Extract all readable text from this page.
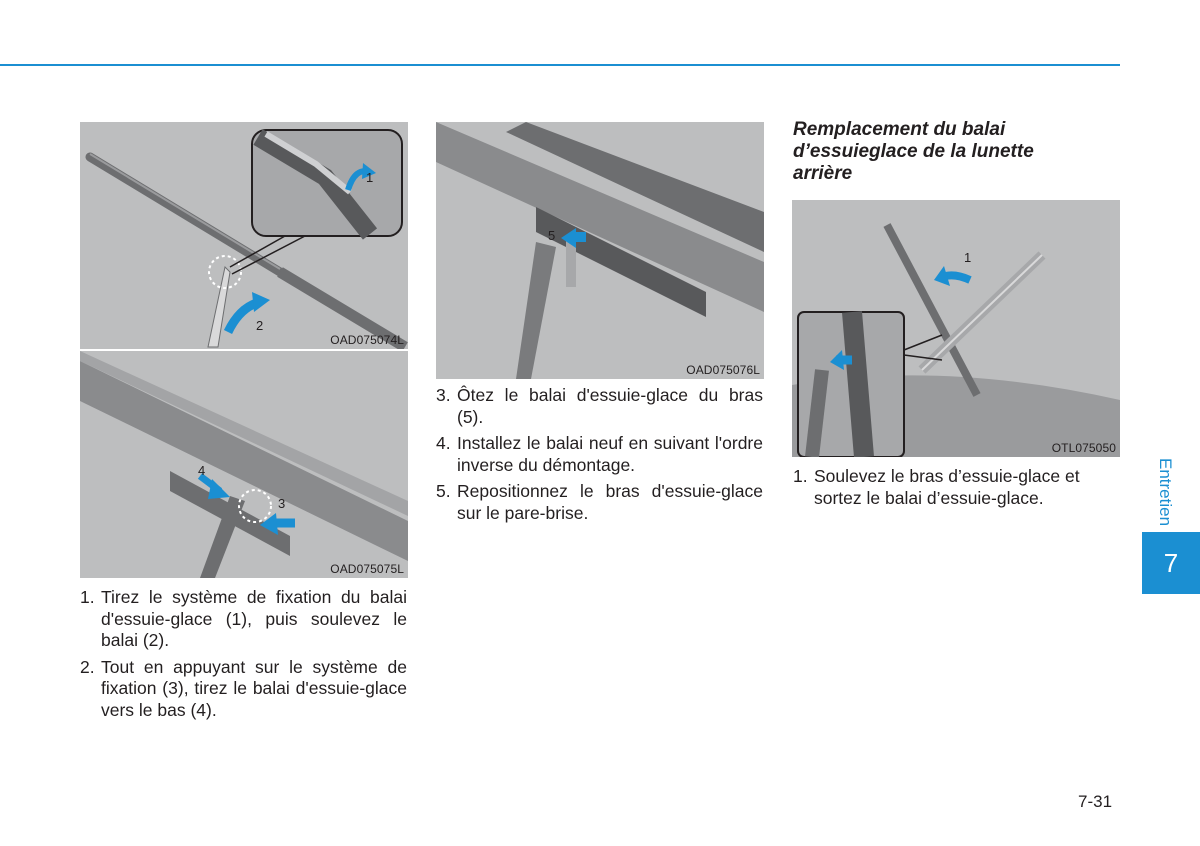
1
2
OAD075074L
4
3
OAD075075L
5
OAD075076L
1
OTL075050
1. Tirez le système de fixation du balai d'essuie-glace (1), puis soulevez le balai (2).
2. Tout en appuyant sur le système de fixation (3), tirez le balai d'essuie-glace vers le bas (4).
3. Ôtez le balai d'essuie-glace du bras (5).
4. Installez le balai neuf en suivant l'ordre inverse du démontage.
5. Repositionnez le bras d'essuie-glace sur le pare-brise.
Remplacement du balai d’essuieglace de la lunette arrière
1. Soulevez le bras d’essuie-glace et sortez le balai d’essuie-glace.	Entretien
7
7-31
